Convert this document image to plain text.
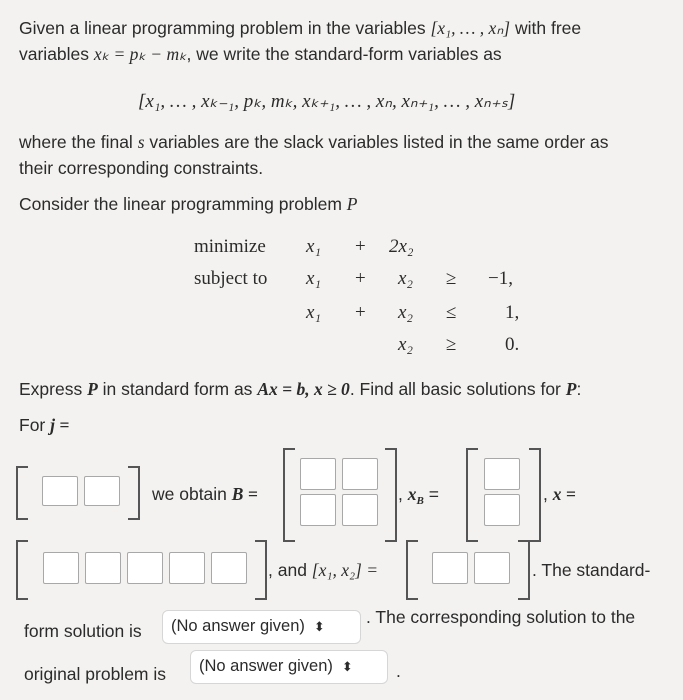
Given a linear programming problem in the variables [x₁, … , xₙ] with free
variables xₖ = pₖ − mₖ, we write the standard-form variables as
[x₁, … , xₖ₋₁, pₖ, mₖ, xₖ₊₁, … , xₙ, xₙ₊₁, … , xₙ₊ₛ]
where the final s variables are the slack variables listed in the same order as
their corresponding constraints.
Consider the linear programming problem P
minimize x₁ + 2x₂
subject to x₁ + x₂ ≥ −1,
x₁ + x₂ ≤	1,
x₂ ≥	0.
Express P in standard form as Ax = b, x ≥ 0. Find all basic solutions for P:
For j =
we obtain B =	, $x_B$ =	, x =
, and [x₁, x₂] =	. The standard-
form solution is	(No answer given) ⬍	. The corresponding solution to the
original problem is	(No answer given) ⬍	.
